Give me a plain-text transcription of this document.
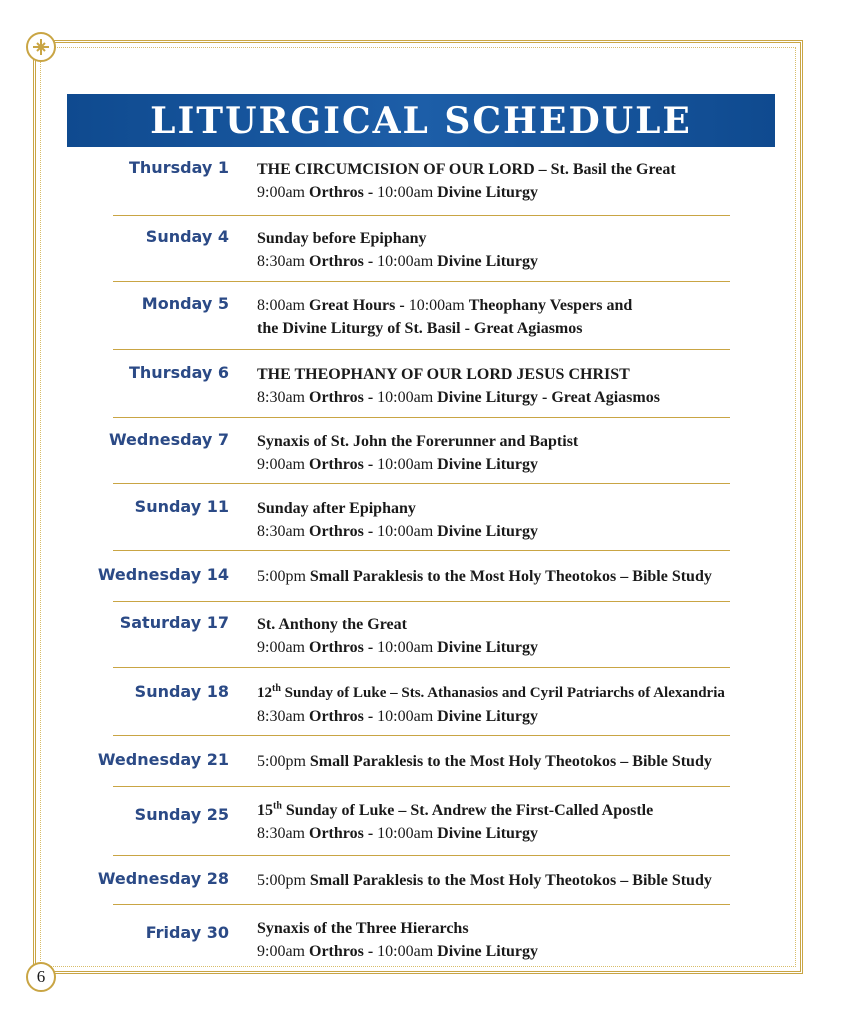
6
LITURGICAL SCHEDULE
Thursday 1	THE CIRCUMCISION OF OUR LORD – St. Basil the Great
9:00am Orthros - 10:00am Divine Liturgy
Sunday 4	Sunday before Epiphany
8:30am Orthros - 10:00am Divine Liturgy
Monday 5	8:00am Great Hours - 10:00am Theophany Vespers and
the Divine Liturgy of St. Basil - Great Agiasmos
Thursday 6	THE THEOPHANY OF OUR LORD JESUS CHRIST
8:30am Orthros - 10:00am Divine Liturgy - Great Agiasmos
Wednesday 7	Synaxis of St. John the Forerunner and Baptist
9:00am Orthros - 10:00am Divine Liturgy
Sunday 11	Sunday after Epiphany
8:30am Orthros - 10:00am Divine Liturgy
Wednesday 14	5:00pm Small Paraklesis to the Most Holy Theotokos – Bible Study
Saturday 17	St. Anthony the Great
9:00am Orthros - 10:00am Divine Liturgy
Sunday 18	12th Sunday of Luke – Sts. Athanasios and Cyril Patriarchs of Alexandria
8:30am Orthros - 10:00am Divine Liturgy
Wednesday 21	5:00pm Small Paraklesis to the Most Holy Theotokos – Bible Study
Sunday 25	15th Sunday of Luke – St. Andrew the First-Called Apostle
8:30am Orthros - 10:00am Divine Liturgy
Wednesday 28	5:00pm Small Paraklesis to the Most Holy Theotokos – Bible Study
Friday 30	Synaxis of the Three Hierarchs
9:00am Orthros - 10:00am Divine Liturgy
